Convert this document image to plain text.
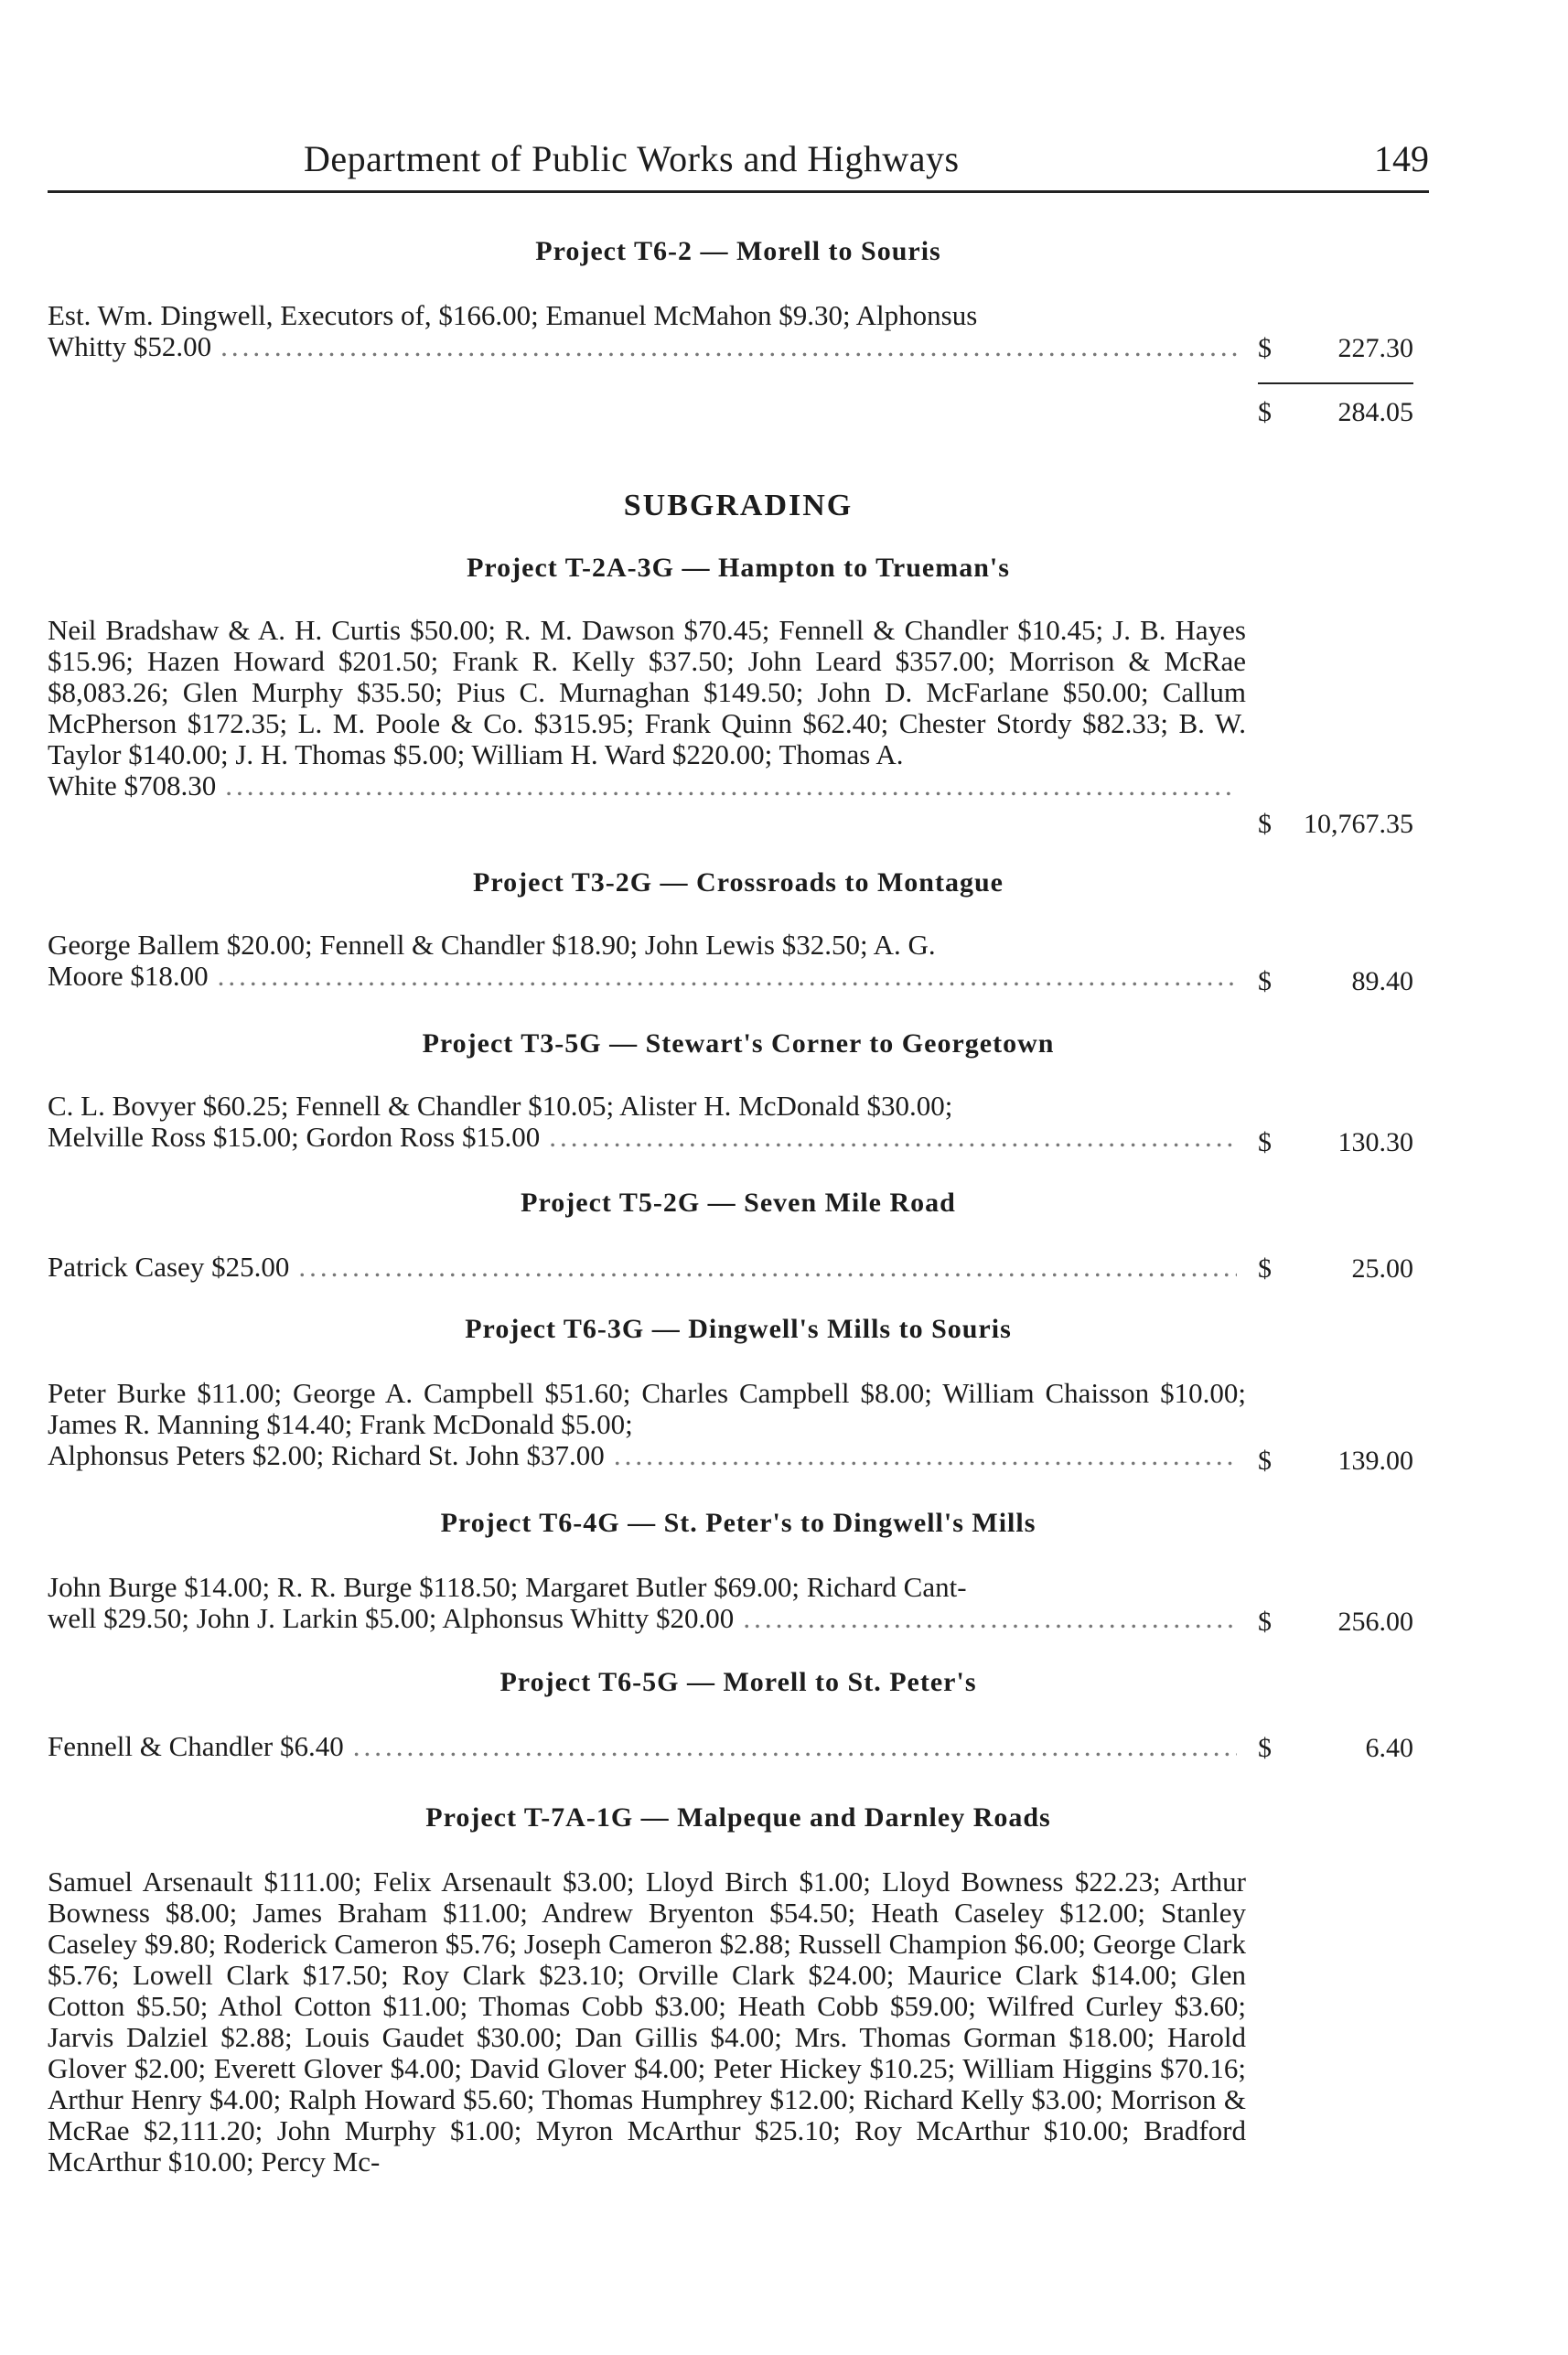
Department of Public Works and Highways	149
Project T6-2 — Morell to Souris
Est. Wm. Dingwell, Executors of, $166.00; Emanuel McMahon $9.30; Alphonsus
Whitty $52.00 .....	$ 227.30
$ 284.05
SUBGRADING
Project T-2A-3G — Hampton to Trueman's
Neil Bradshaw & A. H. Curtis $50.00; R. M. Dawson $70.45; Fennell & Chandler $10.45; J. B. Hayes $15.96; Hazen Howard $201.50; Frank R. Kelly $37.50; John Leard $357.00; Morrison & McRae $8,083.26; Glen Murphy $35.50; Pius C. Murnaghan $149.50; John D. McFarlane $50.00; Callum McPherson $172.35; L. M. Poole & Co. $315.95; Frank Quinn $62.40; Chester Stordy $82.33; B. W. Taylor $140.00; J. H. Thomas $5.00; William H. Ward $220.00; Thomas A.
White $708.30
.....
$ 10,767.35
Project T3-2G — Crossroads to Montague
George Ballem $20.00; Fennell & Chandler $18.90; John Lewis $32.50; A. G.
Moore $18.00 .....	$	89.40
Project T3-5G — Stewart's Corner to Georgetown
C. L. Bovyer $60.25; Fennell & Chandler $10.05; Alister H. McDonald $30.00;
Melville Ross $15.00; Gordon Ross $15.00 .....	$ 130.30
Project T5-2G — Seven Mile Road
Patrick Casey $25.00 .....	$	25.00
Project T6-3G — Dingwell's Mills to Souris
Peter Burke $11.00; George A. Campbell $51.60; Charles Campbell $8.00; William Chaisson $10.00; James R. Manning $14.40; Frank McDonald $5.00;
Alphonsus Peters $2.00; Richard St. John $37.00 .....	$ 139.00
Project T6-4G — St. Peter's to Dingwell's Mills
John Burge $14.00; R. R. Burge $118.50; Margaret Butler $69.00; Richard Cant-
well $29.50; John J. Larkin $5.00; Alphonsus Whitty $20.00 .....	$ 256.00
Project T6-5G — Morell to St. Peter's
Fennell & Chandler $6.40 .....	$	6.40
Project T-7A-1G — Malpeque and Darnley Roads
Samuel Arsenault $111.00; Felix Arsenault $3.00; Lloyd Birch $1.00; Lloyd Bowness $22.23; Arthur Bowness $8.00; James Braham $11.00; Andrew Bryenton $54.50; Heath Caseley $12.00; Stanley Caseley $9.80; Roderick Cameron $5.76; Joseph Cameron $2.88; Russell Champion $6.00; George Clark $5.76; Lowell Clark $17.50; Roy Clark $23.10; Orville Clark $24.00; Maurice Clark $14.00; Glen Cotton $5.50; Athol Cotton $11.00; Thomas Cobb $3.00; Heath Cobb $59.00; Wilfred Curley $3.60; Jarvis Dalziel $2.88; Louis Gaudet $30.00; Dan Gillis $4.00; Mrs. Thomas Gorman $18.00; Harold Glover $2.00; Everett Glover $4.00; David Glover $4.00; Peter Hickey $10.25; William Higgins $70.16; Arthur Henry $4.00; Ralph Howard $5.60; Thomas Humphrey $12.00; Richard Kelly $3.00; Morrison & McRae $2,111.20; John Murphy $1.00; Myron McArthur $25.10; Roy McArthur $10.00; Bradford McArthur $10.00; Percy Mc-
